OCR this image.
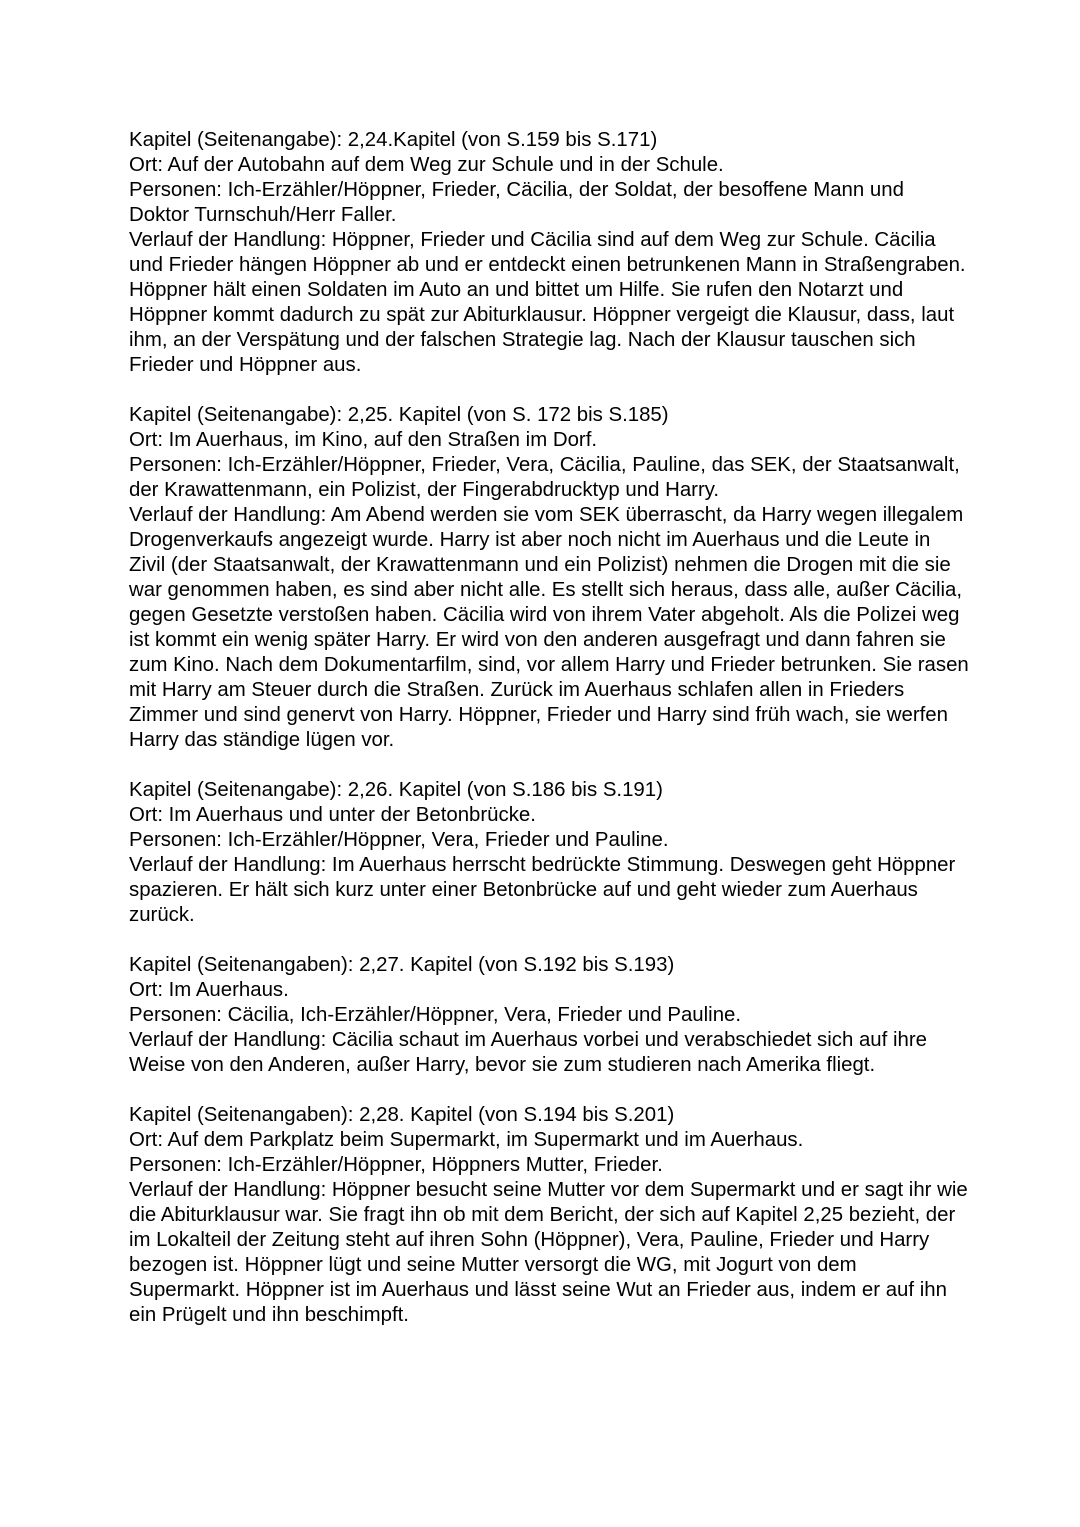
Kapitel (Seitenangabe): 2,24.Kapitel (von S.159 bis S.171)

Ort: Auf der Autobahn auf dem Weg zur Schule und in der Schule.

Personen: Ich-Erzähler/Höppner, Frieder, Cäcilia, der Soldat, der besoffene Mann und Doktor Turnschuh/Herr Faller.

Verlauf der Handlung: Höppner, Frieder und Cäcilia sind auf dem Weg zur Schule. Cäcilia und Frieder hängen Höppner ab und er entdeckt einen betrunkenen Mann in Straßengraben. Höppner hält einen Soldaten im Auto an und bittet um Hilfe. Sie rufen den Notarzt und Höppner kommt dadurch zu spät zur Abiturklausur. Höppner vergeigt die Klausur, dass, laut ihm, an der Verspätung und der falschen Strategie lag. Nach der Klausur tauschen sich Frieder und Höppner aus.

Kapitel (Seitenangabe): 2,25. Kapitel (von S. 172 bis S.185)

Ort: Im Auerhaus, im Kino, auf den Straßen im Dorf.

Personen: Ich-Erzähler/Höppner, Frieder, Vera, Cäcilia, Pauline, das SEK, der Staatsanwalt, der Krawattenmann, ein Polizist, der Fingerabdrucktyp und Harry.

Verlauf der Handlung: Am Abend werden sie vom SEK überrascht, da Harry wegen illegalem Drogenverkaufs angezeigt wurde. Harry ist aber noch nicht im Auerhaus und die Leute in Zivil (der Staatsanwalt, der Krawattenmann und ein Polizist) nehmen die Drogen mit die sie war genommen haben, es sind aber nicht alle. Es stellt sich heraus, dass alle, außer Cäcilia, gegen Gesetzte verstoßen haben. Cäcilia wird von ihrem Vater abgeholt. Als die Polizei weg ist kommt ein wenig später Harry. Er wird von den anderen ausgefragt und dann fahren sie zum Kino. Nach dem Dokumentarfilm, sind, vor allem Harry und Frieder betrunken. Sie rasen mit Harry am Steuer durch die Straßen. Zurück im Auerhaus schlafen allen in Frieders Zimmer und sind genervt von Harry. Höppner, Frieder und Harry sind früh wach, sie werfen Harry das ständige lügen vor.

Kapitel (Seitenangabe): 2,26. Kapitel (von S.186 bis S.191)

Ort: Im Auerhaus und unter der Betonbrücke.

Personen: Ich-Erzähler/Höppner, Vera, Frieder und Pauline.

Verlauf der Handlung: Im Auerhaus herrscht bedrückte Stimmung. Deswegen geht Höppner spazieren. Er hält sich kurz unter einer Betonbrücke auf und geht wieder zum Auerhaus zurück.

Kapitel (Seitenangaben): 2,27. Kapitel (von S.192 bis S.193)

Ort: Im Auerhaus.

Personen: Cäcilia, Ich-Erzähler/Höppner, Vera, Frieder und Pauline.

Verlauf der Handlung: Cäcilia schaut im Auerhaus vorbei und verabschiedet sich auf ihre Weise von den Anderen, außer Harry, bevor sie zum studieren nach Amerika fliegt.

Kapitel (Seitenangaben): 2,28. Kapitel (von S.194 bis S.201)

Ort: Auf dem Parkplatz beim Supermarkt, im Supermarkt und im Auerhaus.

Personen: Ich-Erzähler/Höppner, Höppners Mutter, Frieder.

Verlauf der Handlung: Höppner besucht seine Mutter vor dem Supermarkt und er sagt ihr wie die Abiturklausur war. Sie fragt ihn ob mit dem Bericht, der sich auf Kapitel 2,25 bezieht, der im Lokalteil der Zeitung steht auf ihren Sohn (Höppner), Vera, Pauline, Frieder und Harry bezogen ist. Höppner lügt und seine Mutter versorgt die WG, mit Jogurt von dem Supermarkt. Höppner ist im Auerhaus und lässt seine Wut an Frieder aus, indem er auf ihn ein Prügelt und ihn beschimpft.
